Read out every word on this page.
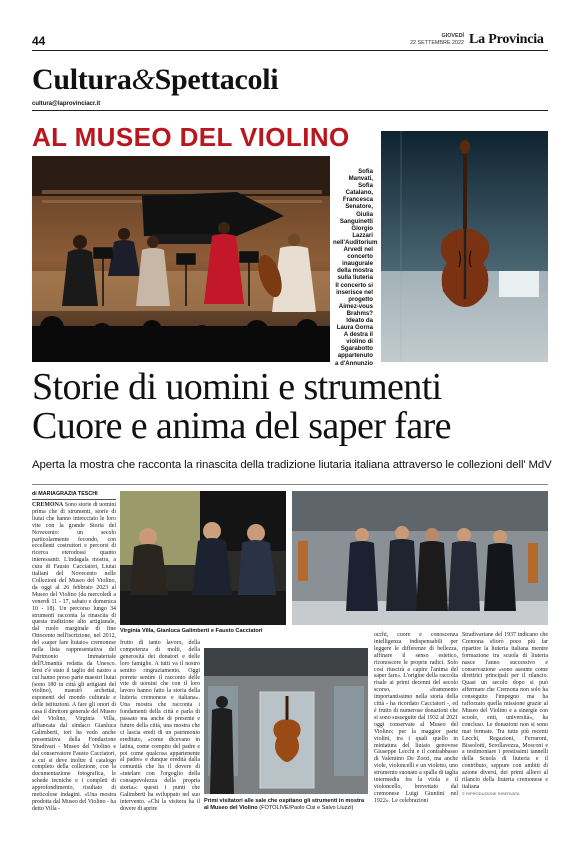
44	GIOVEDÌ
22 SETTEMBRE 2022 La Provincia
Cultura&Spettacoli
cultura@laprovinciacr.it
AL MUSEO DEL VIOLINO
Sofia Manvati, Sofia Catalano, Francesca Senatore, Giulia Sanguinetti Giorgio Lazzari nell'Auditorium Arvedi nel concerto inaugurale della mostra sulla liuteria Il concerto si inserisce nel progetto Aimez-vous Brahms? Ideato da Laura Gorna A destra il violino di Sgarabotto appartenuto a d'Annunzio
Storie di uomini e strumenti
Cuore e anima del saper fare
Aperta la mostra che racconta la rinascita della tradizione liutaria italiana attraverso le collezioni dell' MdV
di MARIAGRAZIA TESCHI
CREMONA Sono storie di uomini prima che di strumenti, storie di liutai che hanno intrecciato le loro vite con la grande Storia del Novecento: un secolo particolarmente fecondo, con eccellenti costruttori e percorsi di ricerca eterodossi quanto interessanti. L'indagala mostra, a cura di Fausto Cacciatori, Liutai italiani del Novecento nelle Collezioni del Museo del Violino, da oggi al 26 febbraio 2023 al Museo del Violino (da mercoledì a venerdì 11 - 17, sabato e domenica 10 - 18). Un percorso lungo 34 strumenti racconta la rinascita di questa tradizione alto artigianale, dal ruolo marginale di fine Ottocento nell'iscrizione, nel 2012, del «saper fare liutaio» cremonese nella lista rappresentativa del Patrimonio Immateriale dell'Umanità redatta da Unesco. Iersi c'è stato il taglio del nastro a cui hanno preso parte maestri liutai (sono 180 in città gli artigiani del violino), maestri archettai, esponenti del mondo culturale e delle istituzioni. A fare gli onori di casa il direttore generale del Museo del Violino, Virginia Villa, affiancata dal sindaco Gianluca Galimberti, iori ha vedo anche presentativa della Fondazione Stradivari - Museo del Violino e dal conservatore Fausto Cacciatori, a cui si deve inoltre il catalogo completo della collezione, con la documentazione fotografica, le schede tecniche e i completi di approfondimento, risultato di meticolose indagini. «Una mostra prodotta dal Museo del Violino - ha detto Villa -
Virginia Villa, Gianluca Galimberti e Fausto Cacciatori
Primi visitatori alle sale che ospitano gli strumenti in mostra al Museo del Violino (FOTOLIVE/Paolo Cisi e Salvo Liuzzi)
frutto di tanto lavoro, della competenza di molti, della generosità dei donatori e delle loro famiglie. A tutti va il nostro sentito ringraziamento. Oggi porrete sentire il racconto delle vite di uomini che con il loro lavoro hanno fatto la storia della liuteria cremonese e italiana». Una mostra che racconta i fondamenti della città e parla di passato ma anche di presente e futuro della città, una mostra che ci lascia eredi di un patrimonio ereditato, «come dicevano in latina, come compito del padre e poi come qualcosa appartenente al padre» e dunque eredità dalla comunità che ha il dovere di «tutelare con l'orgoglio della consapevolezza della propria storia»: questi i punti che Galimberti ha sviluppato nel suo intervento. «Chi la visitera ha il dovere di aprire
occhi, cuore e conoscenza intelligenza indispensabili per leggere le differenze di bellezza, affinare il senso estetico, riconoscere le proprie radici. Solo così riuscirà a capire l'anima del saper fare». L'origine della raccolta risale ai primi decenni del secolo scorso, «frammento importantissimo nella storia della città - ha ricordato Cacciatori -, ed è frutto di numerose donazioni che si sono susseguite dal 1932 al 2021 oggi conservate al Museo del Violino; per la maggior parte violini, tra i quali quello in miniatura del liutaio genovese Giuseppe Lecchi e il contrabbasso di Valentino De Zorzi, ma anche viole, violoncelli e un violetto, uno strumento suonato a spalla di taglia intermedia fra la viola e il violoncello, brevettato dal cremonese Luigi Giuniini nel 1922». Le celebrazioni
Stradivariane del 1937 indicano che Cremona sfiorò poco più far ripartire la liuteria italiana mentre formazione tra scuola di liuteria nasce l'anno successivo e conservazione «sono assunte come direttrici principali per il rilancio. Quasi un secolo dopo si può affermare che Cremona non solo ha conseguito l'impegno ma ha rafforzato quella missione grazie al Museo del Violino e a sinergie con scuole, enti, università», ha concluso. Le donazioni non si sono mai fermate. Tra tutte più recenti Lecchi, Regazioni, Ferraroni, Bissolotti, Scrollavezza, Mosconi e a testimoniare i prestissimi iannelli della Scuola di liuteria e il contributo, seppure con ambiti di azione diversi, dei primi allievi al rilancio della liuteria cremonese e italiana
© RIPRODUZIONE RISERVATA
